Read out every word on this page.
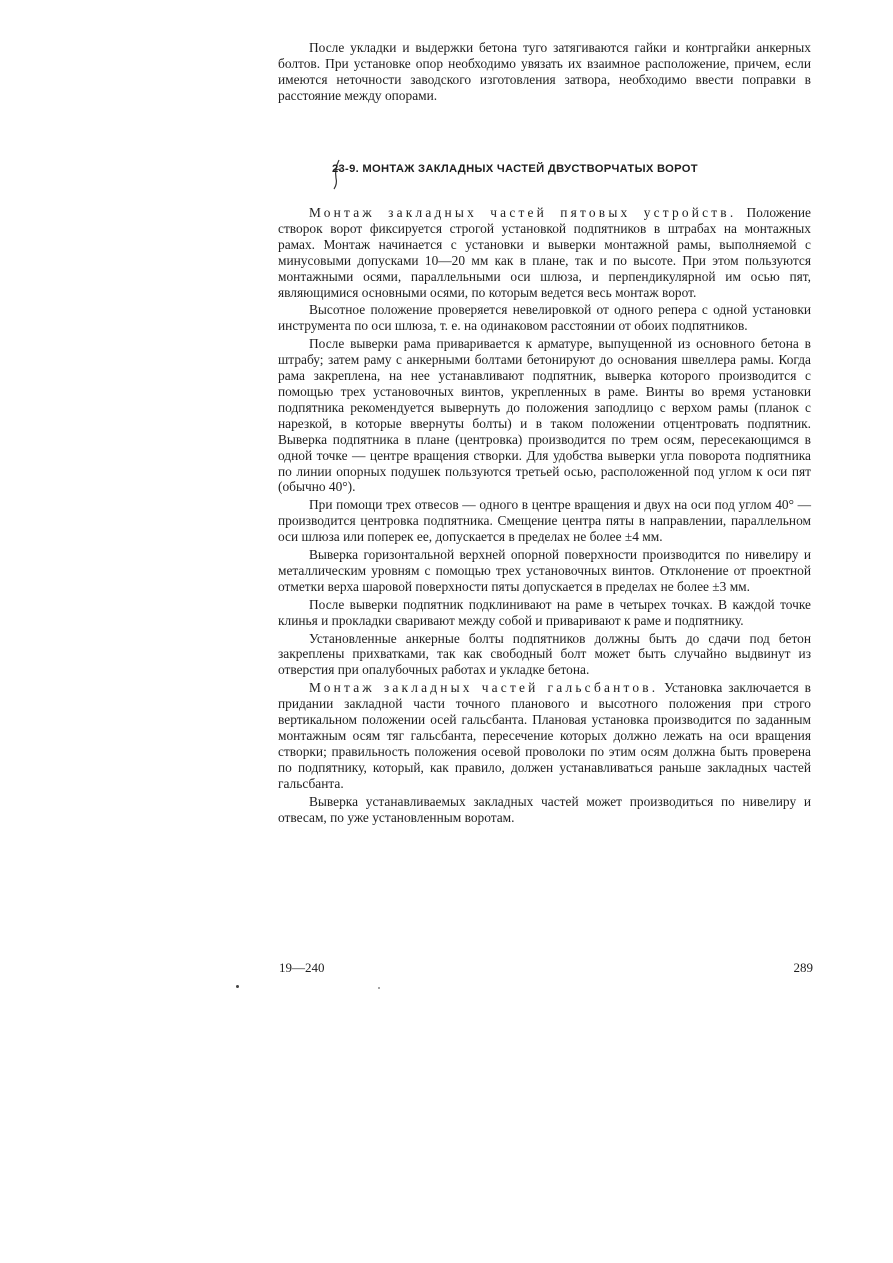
После укладки и выдержки бетона туго затягиваются гайки и контргайки анкерных болтов. При установке опор необходимо увязать их взаимное расположение, причем, если имеются неточности заводского изготовления затвора, необходимо ввести поправки в расстояние между опорами.

23-9. МОНТАЖ ЗАКЛАДНЫХ ЧАСТЕЙ ДВУСТВОРЧАТЫХ ВОРОТ

Монтаж закладных частей пятовых устройств. Положение створок ворот фиксируется строгой установкой подпятников в штрабах на монтажных рамах. Монтаж начинается с установки и выверки монтажной рамы, выполняемой с минусовыми допусками 10—20 мм как в плане, так и по высоте. При этом пользуются монтажными осями, параллельными оси шлюза, и перпендикулярной им осью пят, являющимися основными осями, по которым ведется весь монтаж ворот.

Высотное положение проверяется невелировкой от одного репера с одной установки инструмента по оси шлюза, т. е. на одинаковом расстоянии от обоих подпятников.

После выверки рама приваривается к арматуре, выпущенной из основного бетона в штрабу; затем раму с анкерными болтами бетонируют до основания швеллера рамы. Когда рама закреплена, на нее устанавливают подпятник, выверка которого производится с помощью трех установочных винтов, укрепленных в раме. Винты во время установки подпятника рекомендуется вывернуть до положения заподлицо с верхом рамы (планок с нарезкой, в которые ввернуты болты) и в таком положении отцентровать подпятник. Выверка подпятника в плане (центровка) производится по трем осям, пересекающимся в одной точке — центре вращения створки. Для удобства выверки угла поворота подпятника по линии опорных подушек пользуются третьей осью, расположенной под углом к оси пят (обычно 40°).

При помощи трех отвесов — одного в центре вращения и двух на оси под углом 40° — производится центровка подпятника. Смещение центра пяты в направлении, параллельном оси шлюза или поперек ее, допускается в пределах не более ±4 мм.

Выверка горизонтальной верхней опорной поверхности производится по нивелиру и металлическим уровням с помощью трех установочных винтов. Отклонение от проектной отметки верха шаровой поверхности пяты допускается в пределах не более ±3 мм.

После выверки подпятник подклинивают на раме в четырех точках. В каждой точке клинья и прокладки сваривают между собой и приваривают к раме и подпятнику.

Установленные анкерные болты подпятников должны быть до сдачи под бетон закреплены прихватками, так как свободный болт может быть случайно выдвинут из отверстия при опалубочных работах и укладке бетона.

Монтаж закладных частей гальсбантов. Установка заключается в придании закладной части точного планового и высотного положения при строго вертикальном положении осей гальсбанта. Плановая установка производится по заданным монтажным осям тяг гальсбанта, пересечение которых должно лежать на оси вращения створки; правильность положения осевой проволоки по этим осям должна быть проверена по подпятнику, который, как правило, должен устанавливаться раньше закладных частей гальсбанта.

Выверка устанавливаемых закладных частей может производиться по нивелиру и отвесам, по уже установленным воротам.

19—240	289
